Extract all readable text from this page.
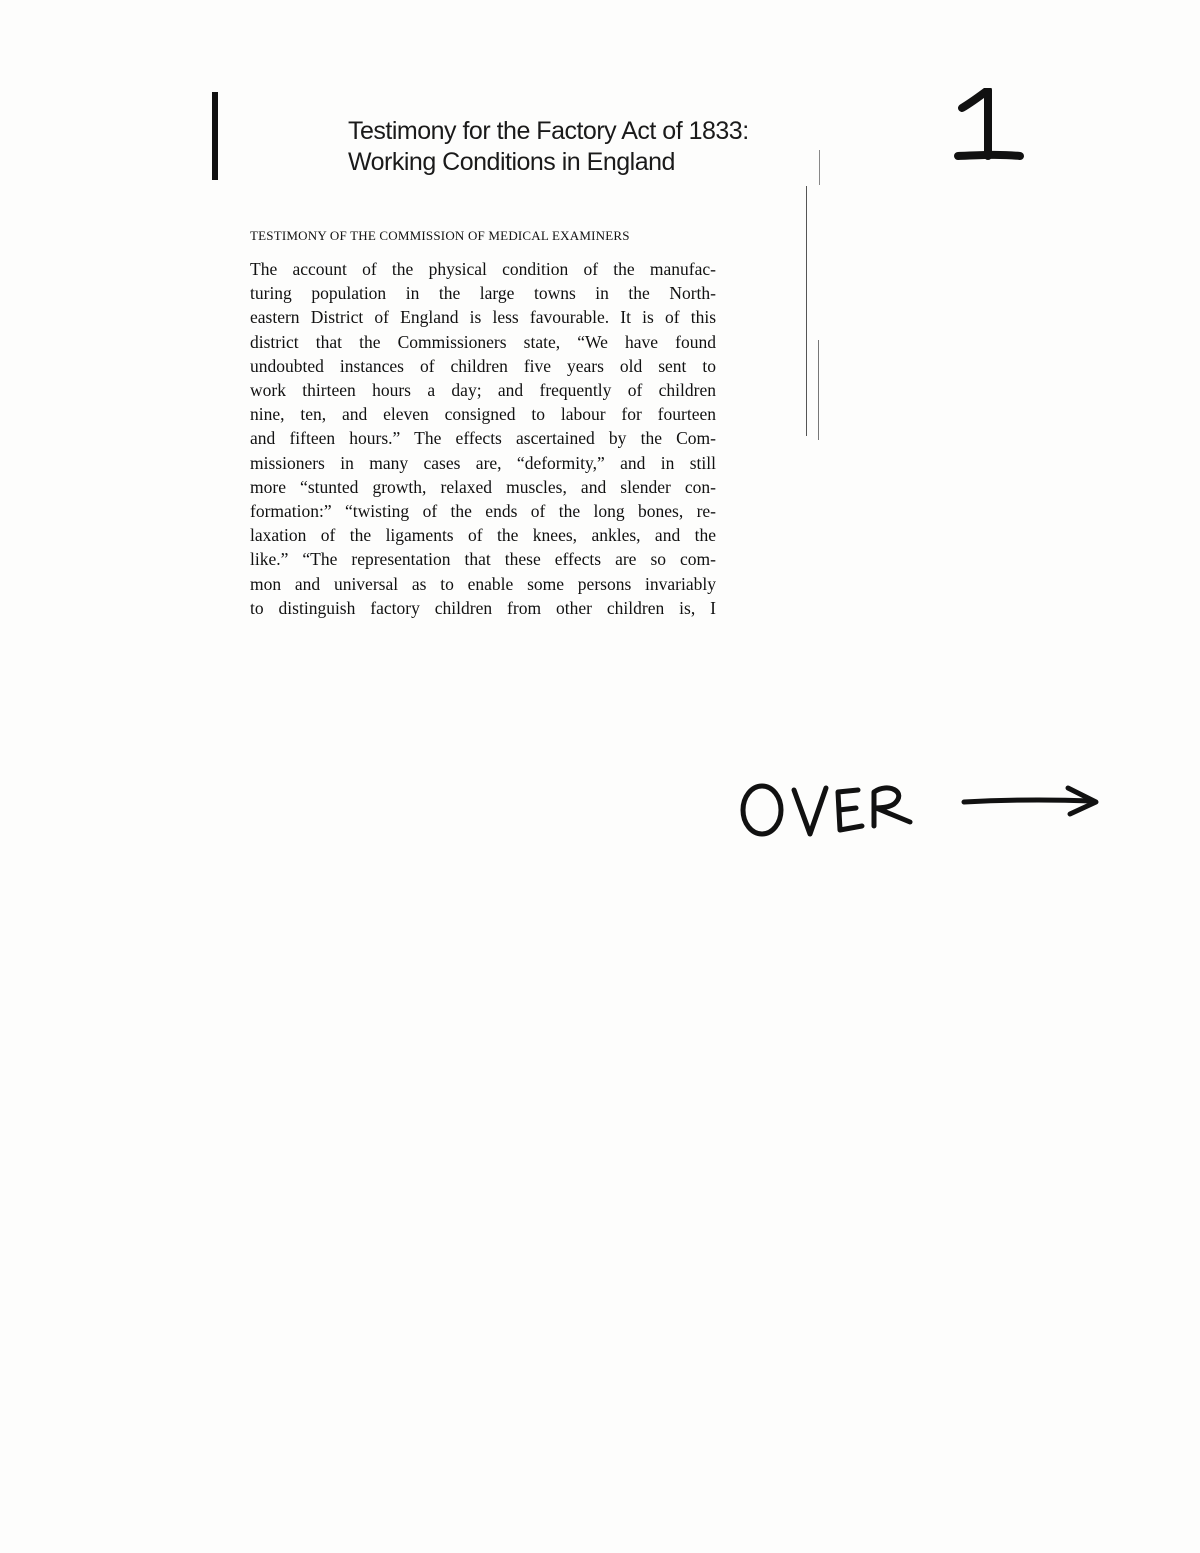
Testimony for the Factory Act of 1833:
Working Conditions in England
TESTIMONY OF THE COMMISSION OF MEDICAL EXAMINERS
The account of the physical condition of the manufac-
turing population in the large towns in the North-
eastern District of England is less favourable. It is of this
district that the Commissioners state, “We have found
undoubted instances of children five years old sent to
work thirteen hours a day; and frequently of children
nine, ten, and eleven consigned to labour for fourteen
and fifteen hours.” The effects ascertained by the Com-
missioners in many cases are, “deformity,” and in still
more “stunted growth, relaxed muscles, and slender con-
formation:” “twisting of the ends of the long bones, re-
laxation of the ligaments of the knees, ankles, and the
like.” “The representation that these effects are so com-
mon and universal as to enable some persons invariably
to distinguish factory children from other children is, I
